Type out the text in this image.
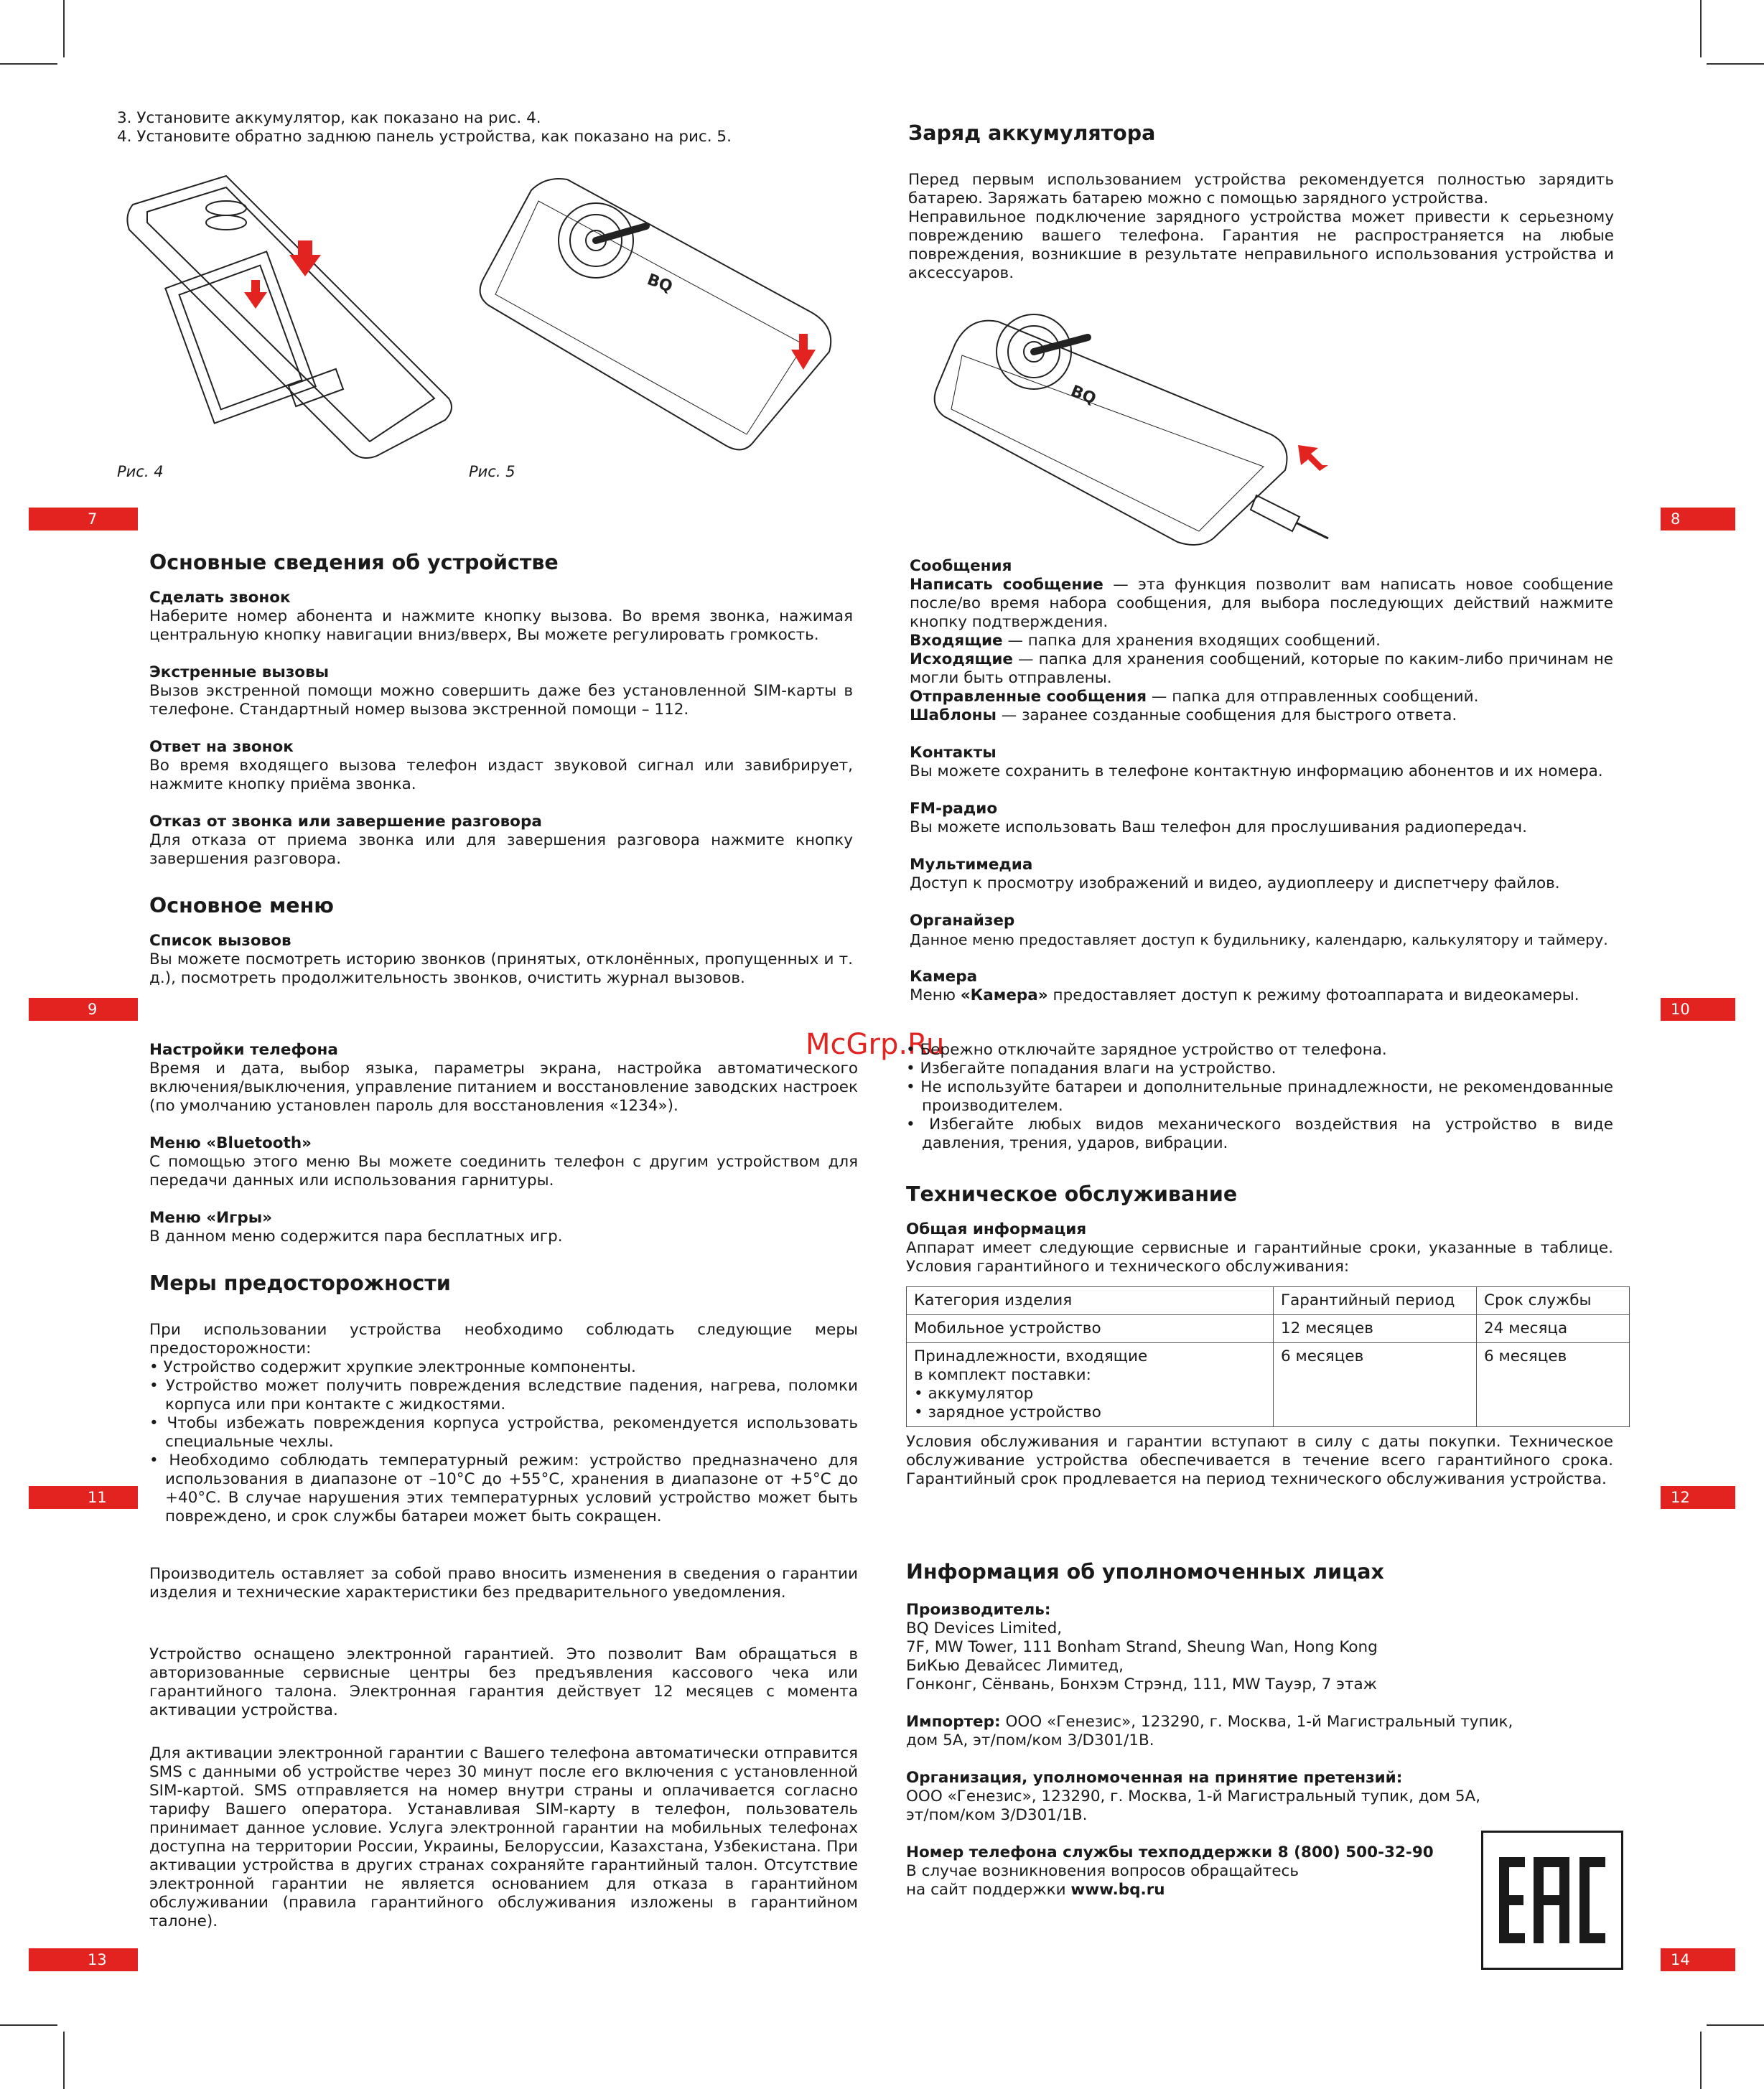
7	8
9	10
11	12
13	14

3. Установите аккумулятор, как показано на рис. 4.

4. Установите обратно заднюю панель устройства, как показано на рис. 5.

BQ
Рис. 4	Рис. 5

Заряд аккумулятора

Перед первым использованием устройства рекомендуется полностью зарядить батарею. Заряжать батарею можно с помощью зарядного устройства.

Неправильное подключение зарядного устройства может привести к серьезному повреждению вашего телефона. Гарантия не распространяется на любые повреждения, возникшие в результате неправильного использования устройства и аксессуаров.

BQ

Основные сведения об устройстве

Сделать звонок

Наберите номер абонента и нажмите кнопку вызова. Во время звонка, нажимая центральную кнопку навигации вниз/вверх, Вы можете регулировать громкость.

Экстренные вызовы

Вызов экстренной помощи можно совершить даже без установленной SIM-карты в телефоне. Стандартный номер вызова экстренной помощи – 112.

Ответ на звонок

Во время входящего вызова телефон издаст звуковой сигнал или завибрирует, нажмите кнопку приёма звонка.

Отказ от звонка или завершение разговора

Для отказа от приема звонка или для завершения разговора нажмите кнопку завершения разговора.

Основное меню

Список вызовов

Вы можете посмотреть историю звонков (принятых, отклонённых, пропущенных и т. д.), посмотреть продолжительность звонков, очистить журнал вызовов.

Сообщения

Написать сообщение — эта функция позволит вам написать новое сообщение после/во время набора сообщения, для выбора последующих действий нажмите кнопку подтверждения.

Входящие — папка для хранения входящих сообщений.

Исходящие — папка для хранения сообщений, которые по каким-либо причинам не могли быть отправлены.

Отправленные сообщения — папка для отправленных сообщений.

Шаблоны — заранее созданные сообщения для быстрого ответа.

Контакты

Вы можете сохранить в телефоне контактную информацию абонентов и их номера.

FM-радио

Вы можете использовать Ваш телефон для прослушивания радиопередач.

Мультимедиа

Доступ к просмотру изображений и видео, аудиоплееру и диспетчеру файлов.

Органайзер

Данное меню предоставляет доступ к будильнику, календарю, калькулятору и таймеру.

Камера

Меню «Камера» предоставляет доступ к режиму фотоаппарата и видеокамеры.

McGrp.Ru

Настройки телефона

Время и дата, выбор языка, параметры экрана, настройка автоматического включения/выключения, управление питанием и восстановление заводских настроек (по умолчанию установлен пароль для восстановления «1234»).

Меню «Bluetooth»

С помощью этого меню Вы можете соединить телефон с другим устройством для передачи данных или использования гарнитуры.

Меню «Игры»

В данном меню содержится пара бесплатных игр.

Меры предосторожности

При использовании устройства необходимо соблюдать следующие меры предосторожности:

• Устройство содержит хрупкие электронные компоненты.
• Устройство может получить повреждения вследствие падения, нагрева, поломки корпуса или при контакте с жидкостями.
• Чтобы избежать повреждения корпуса устройства, рекомендуется использовать специальные чехлы.
• Необходимо соблюдать температурный режим: устройство предназначено для использования в диапазоне от –10°С до +55°С, хранения в диапазоне от +5°С до +40°С. В случае нарушения этих температурных условий устройство может быть повреждено, и срок службы батареи может быть сокращен.
• Бережно отключайте зарядное устройство от телефона.
• Избегайте попадания влаги на устройство.
• Не используйте батареи и дополнительные принадлежности, не рекомендованные производителем.
• Избегайте любых видов механического воздействия на устройство в виде давления, трения, ударов, вибрации.

Техническое обслуживание

Общая информация

Аппарат имеет следующие сервисные и гарантийные сроки, указанные в таблице. Условия гарантийного и технического обслуживания:

Категория изделия	Гарантийный период	Срок службы
Мобильное устройство	12 месяцев	24 месяца

Принадлежности, входящие
в комплект поставки:
• аккумулятор
• зарядное устройство	6 месяцев	6 месяцев

Условия обслуживания и гарантии вступают в силу с даты покупки. Техническое обслуживание устройства обеспечивается в течение всего гарантийного срока. Гарантийный срок продлевается на период технического обслуживания устройства.

Производитель оставляет за собой право вносить изменения в сведения о гарантии изделия и технические характеристики без предварительного уведомления.

Устройство оснащено электронной гарантией. Это позволит Вам обращаться в авторизованные сервисные центры без предъявления кассового чека или гарантийного талона. Электронная гарантия действует 12 месяцев с момента активации устройства.

Для активации электронной гарантии с Вашего телефона автоматически отправится SMS с данными об устройстве через 30 минут после его включения с установленной SIM-картой. SMS отправляется на номер внутри страны и оплачивается согласно тарифу Вашего оператора. Устанавливая SIM-карту в телефон, пользователь принимает данное условие. Услуга электронной гарантии на мобильных телефонах доступна на территории России, Украины, Белоруссии, Казахстана, Узбекистана. При активации устройства в других странах сохраняйте гарантийный талон. Отсутствие электронной гарантии не является основанием для отказа в гарантийном обслуживании (правила гарантийного обслуживания изложены в гарантийном талоне).

Информация об уполномоченных лицах

Производитель:

BQ Devices Limited,

7F, MW Tower, 111 Bonham Strand, Sheung Wan, Hong Kong

БиКью Девайсес Лимитед,

Гонконг, Сёнвань, Бонхэм Стрэнд, 111, MW Тауэр, 7 этаж

Импортер: ООО «Генезис», 123290, г. Москва, 1-й Магистральный тупик, дом 5А, эт/пом/ком 3/D301/1В.

Организация, уполномоченная на принятие претензий:

ООО «Генезис», 123290, г. Москва, 1-й Магистральный тупик, дом 5А,

эт/пом/ком 3/D301/1В.

Номер телефона службы техподдержки 8 (800) 500-32-90

В случае возникновения вопросов обращайтесь

на сайт поддержки www.bq.ru
